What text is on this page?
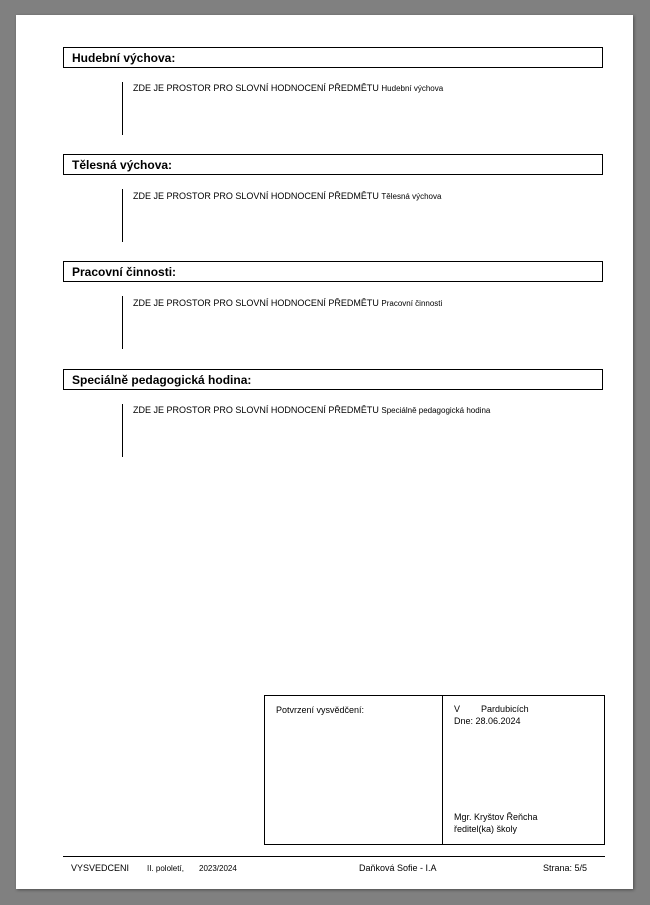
Hudební výchova:
ZDE JE PROSTOR PRO SLOVNÍ HODNOCENÍ PŘEDMĚTU Hudební výchova
Tělesná výchova:
ZDE JE PROSTOR PRO SLOVNÍ HODNOCENÍ PŘEDMĚTU Tělesná výchova
Pracovní činnosti:
ZDE JE PROSTOR PRO SLOVNÍ HODNOCENÍ PŘEDMĚTU Pracovní činnosti
Speciálně pedagogická hodina:
ZDE JE PROSTOR PRO SLOVNÍ HODNOCENÍ PŘEDMĚTU Speciálně pedagogická hodina
Potvrzení vysvědčení:	V Pardubicích
Dne: 28.06.2024
Mgr. Kryštov Řeňcha
ředitel(ka) školy
VYSVEDCENI II. pololetí, 2023/2024	Daňková Sofie - I.A	Strana: 5/5
